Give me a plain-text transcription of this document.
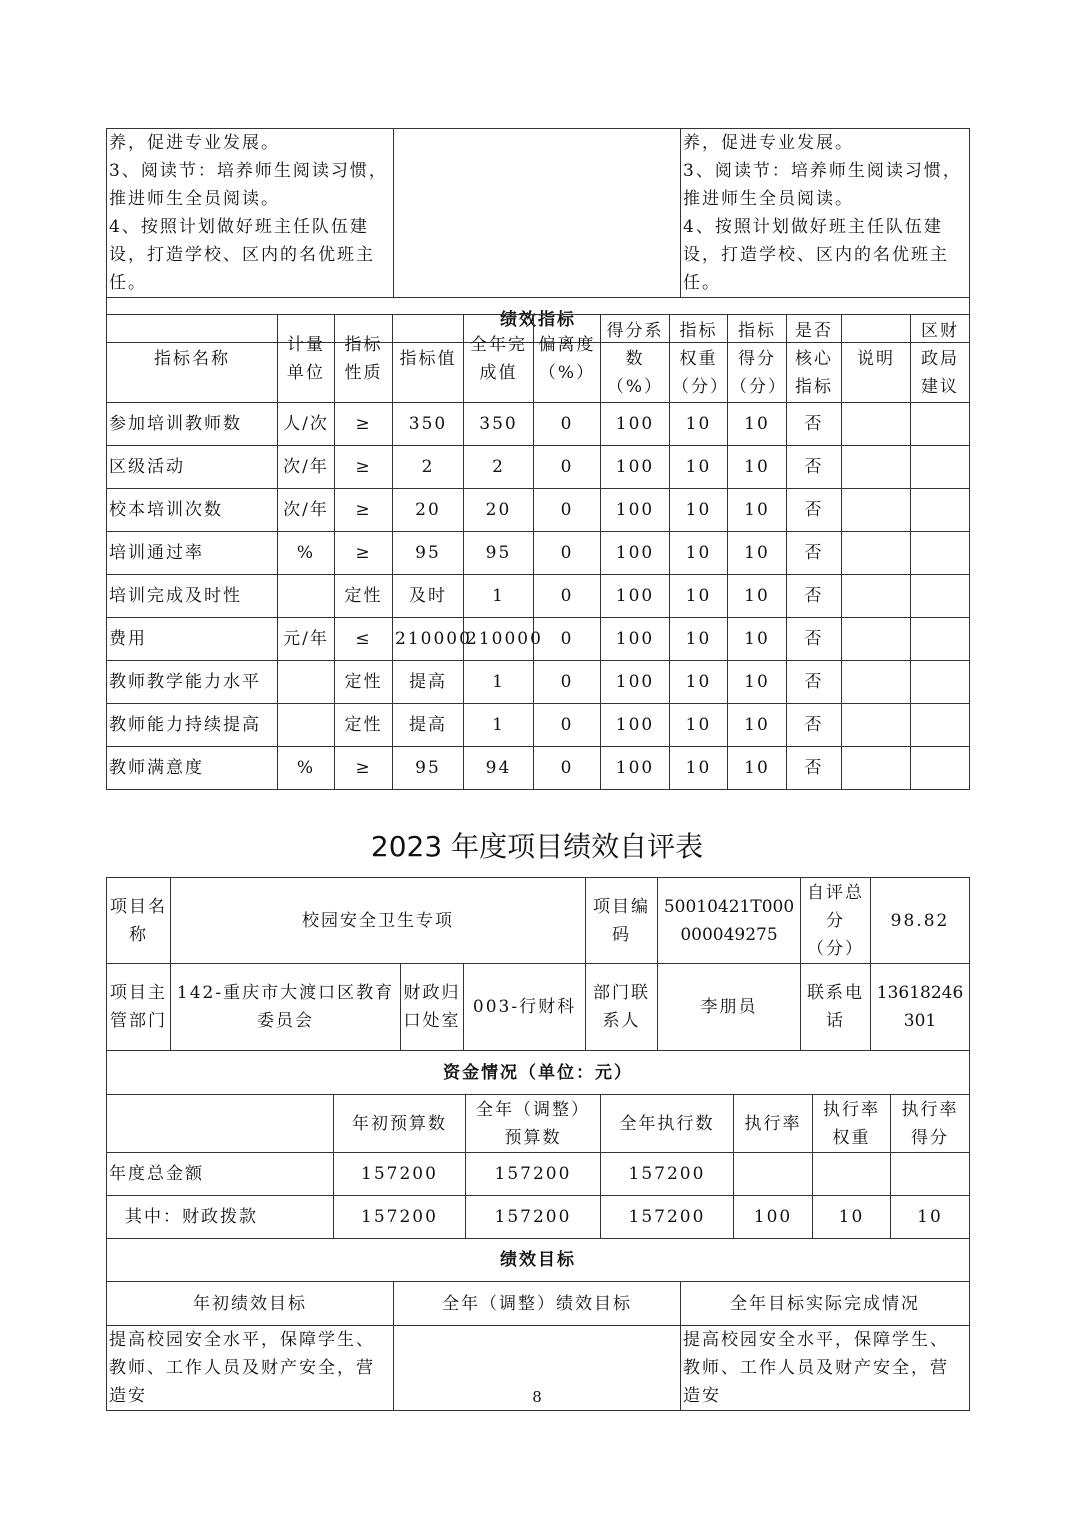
养，促进专业发展。
3、阅读节：培养师生阅读习惯，推进师生全员阅读。
4、按照计划做好班主任队伍建设，打造学校、区内的名优班主任。		养，促进专业发展。
3、阅读节：培养师生阅读习惯，推进师生全员阅读。
4、按照计划做好班主任队伍建设，打造学校、区内的名优班主任。
绩效指标
指标名称	计量单位	指标性质	指标值	全年完成值	偏离度（%）	得分系数（%）	指标权重（分）	指标得分（分）	是否核心指标	说明	区财政局建议
参加培训教师数	人/次	≥	350	350	0	100	10	10	否		
区级活动	次/年	≥	2	2	0	100	10	10	否		
校本培训次数	次/年	≥	20	20	0	100	10	10	否		
培训通过率	%	≥	95	95	0	100	10	10	否		
培训完成及时性		定性	及时	1	0	100	10	10	否		
费用	元/年	≤	210000	210000	0	100	10	10	否		
教师教学能力水平		定性	提高	1	0	100	10	10	否		
教师能力持续提高		定性	提高	1	0	100	10	10	否		
教师满意度	%	≥	95	94	0	100	10	10	否		
2023 年度项目绩效自评表
项目名称	校园安全卫生专项			项目编码	50010421T000000049275	自评总分（分）	98.82
项目主管部门	142-重庆市大渡口区教育委员会	财政归口处室	003-行财科	部门联系人	李朋员	联系电话	13618246301
资金情况（单位：元）							
	年初预算数	全年（调整）预算数	全年执行数	执行率	执行率权重	执行率得分
年度总金额	157200	157200	157200			
其中：财政拨款	157200	157200	157200	100	10	10
绩效目标		
年初绩效目标	全年（调整）绩效目标	全年目标实际完成情况
提高校园安全水平，保障学生、教师、工作人员及财产安全，营造安		提高校园安全水平，保障学生、教师、工作人员及财产安全，营造安
8
